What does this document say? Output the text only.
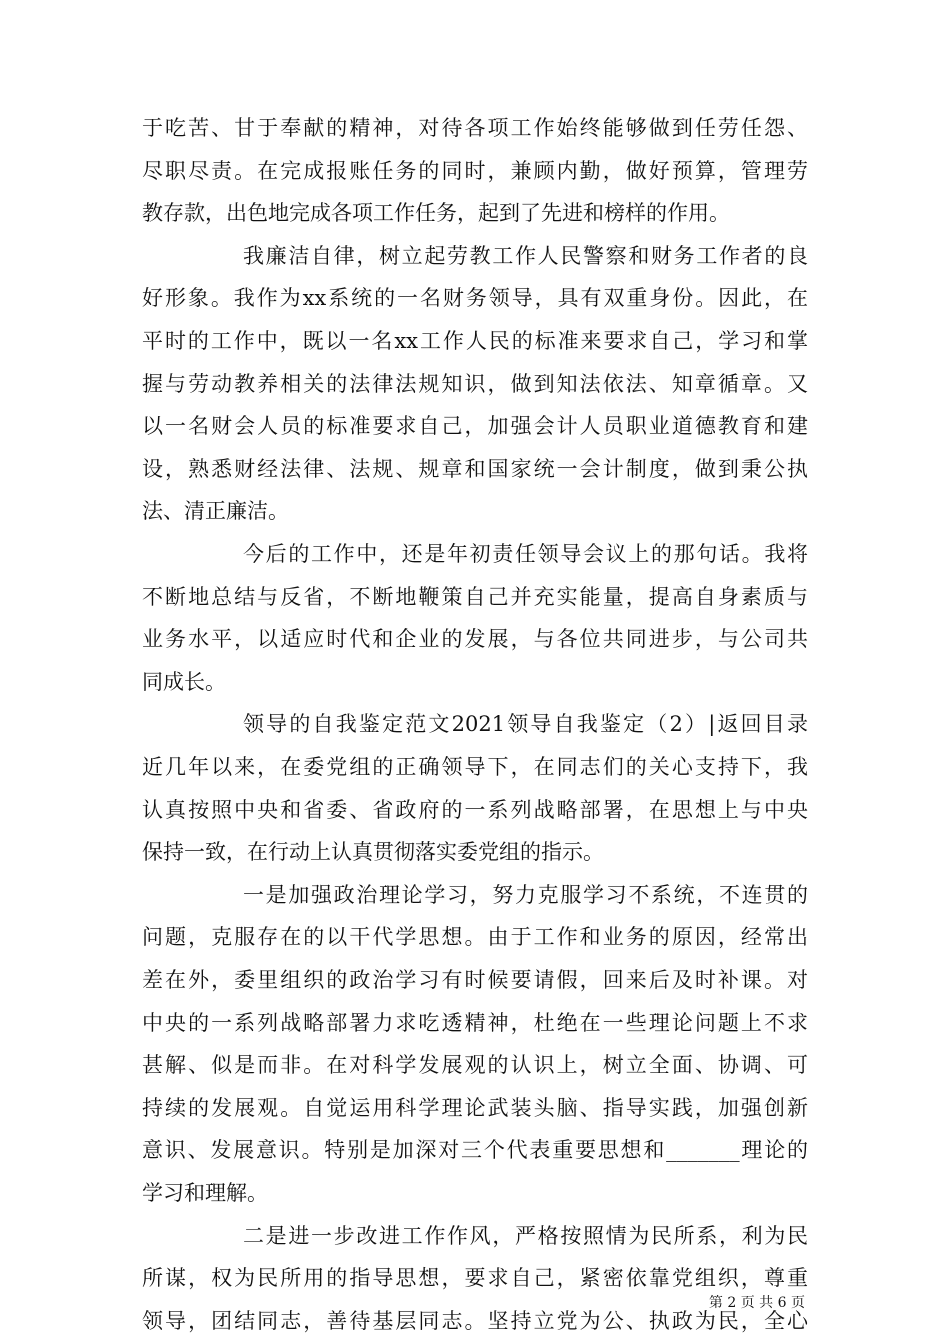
于吃苦、甘于奉献的精神，对待各项工作始终能够做到任劳任怨、
尽职尽责。在完成报账任务的同时，兼顾内勤，做好预算，管理劳
教存款，出色地完成各项工作任务，起到了先进和榜样的作用。
我廉洁自律，树立起劳教工作人民警察和财务工作者的良
好形象。我作为xx系统的一名财务领导，具有双重身份。因此，在
平时的工作中，既以一名xx工作人民的标准来要求自己，学习和掌
握与劳动教养相关的法律法规知识，做到知法依法、知章循章。又
以一名财会人员的标准要求自己，加强会计人员职业道德教育和建
设，熟悉财经法律、法规、规章和国家统一会计制度，做到秉公执
法、清正廉洁。
今后的工作中，还是年初责任领导会议上的那句话。我将
不断地总结与反省，不断地鞭策自己并充实能量，提高自身素质与
业务水平，以适应时代和企业的发展，与各位共同进步，与公司共
同成长。
领导的自我鉴定范文2021领导自我鉴定（2）|返回目录
近几年以来，在委党组的正确领导下，在同志们的关心支持下，我
认真按照中央和省委、省政府的一系列战略部署，在思想上与中央
保持一致，在行动上认真贯彻落实委党组的指示。
一是加强政治理论学习，努力克服学习不系统，不连贯的
问题，克服存在的以干代学思想。由于工作和业务的原因，经常出
差在外，委里组织的政治学习有时候要请假，回来后及时补课。对
中央的一系列战略部署力求吃透精神，杜绝在一些理论问题上不求
甚解、似是而非。在对科学发展观的认识上，树立全面、协调、可
持续的发展观。自觉运用科学理论武装头脑、指导实践，加强创新
意识、发展意识。特别是加深对三个代表重要思想和_______理论的
学习和理解。
二是进一步改进工作作风，严格按照情为民所系，利为民
所谋，权为民所用的指导思想，要求自己，紧密依靠党组织，尊重
领导，团结同志，善待基层同志。坚持立党为公、执政为民，全心
第 2 页 共 6 页
